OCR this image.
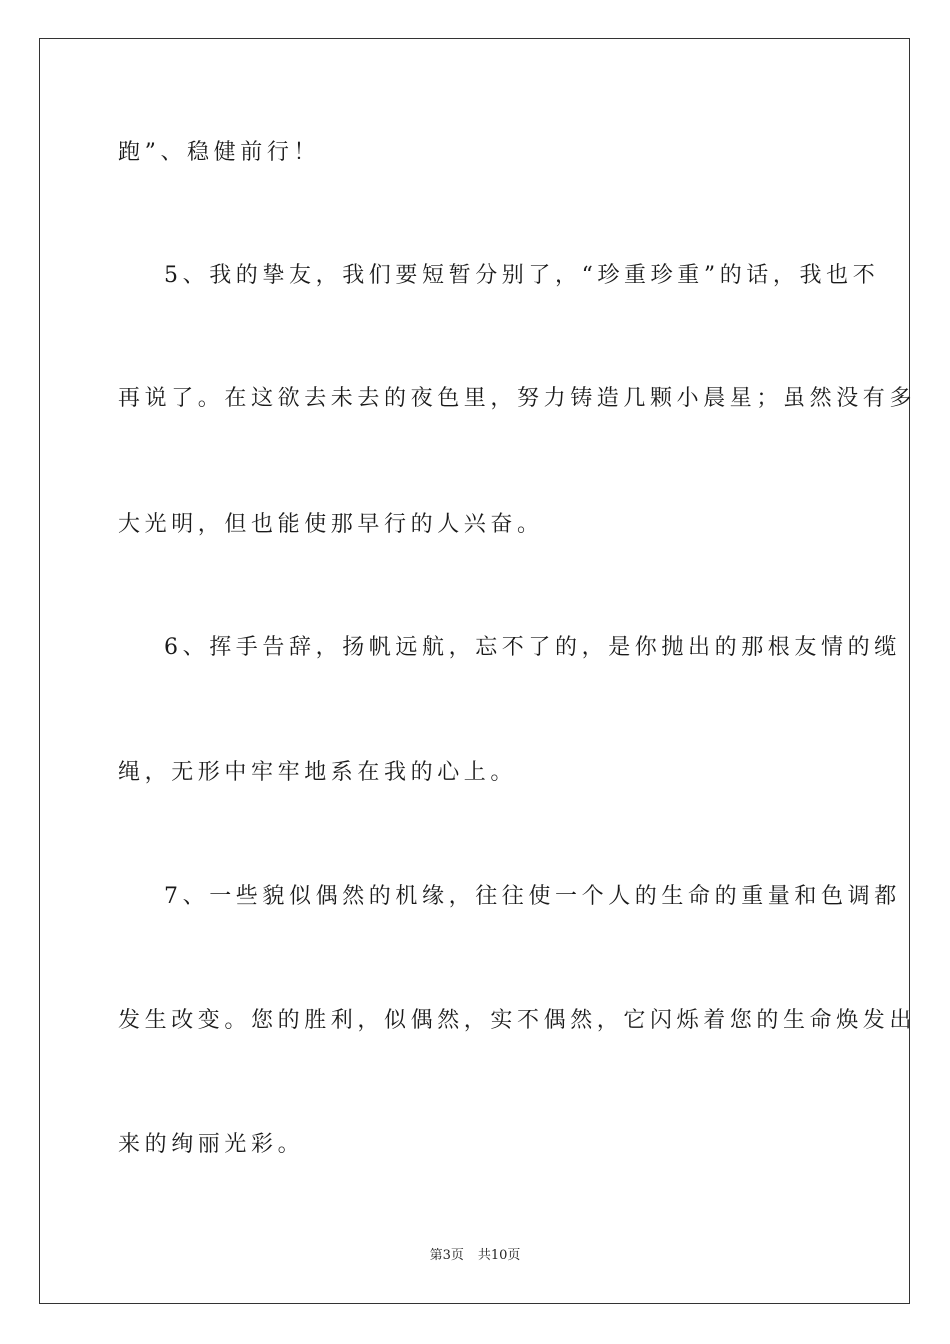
跑”、稳健前行！
5、我的挚友，我们要短暂分别了，“珍重珍重”的话，我也不
再说了。在这欲去未去的夜色里，努力铸造几颗小晨星；虽然没有多
大光明，但也能使那早行的人兴奋。
6、挥手告辞，扬帆远航，忘不了的，是你抛出的那根友情的缆
绳，无形中牢牢地系在我的心上。
7、一些貌似偶然的机缘，往往使一个人的生命的重量和色调都
发生改变。您的胜利，似偶然，实不偶然，它闪烁着您的生命焕发出
来的绚丽光彩。
第3页 共10页
